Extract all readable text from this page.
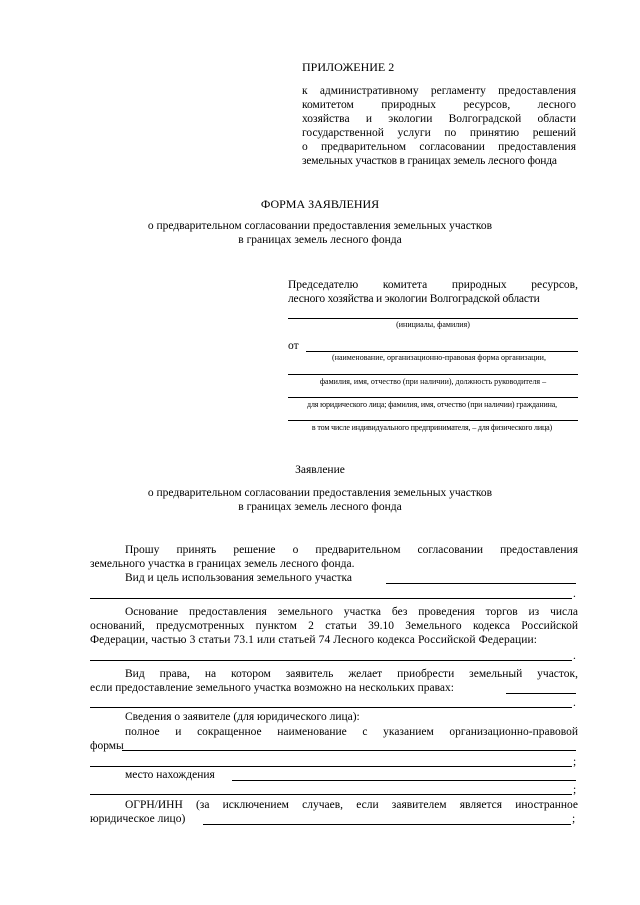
ПРИЛОЖЕНИЕ 2
к административному регламенту предоставления
комитетом природных ресурсов, лесного
хозяйства и экологии Волгоградской области
государственной услуги по принятию решений
о предварительном согласовании предоставления
земельных участков в границах земель лесного фонда
ФОРМА ЗАЯВЛЕНИЯ
о предварительном согласовании предоставления земельных участков
в границах земель лесного фонда
Председателю комитета природных ресурсов,
лесного хозяйства и экологии Волгоградской области
(инициалы, фамилия)
от
(наименование, организационно-правовая форма организации,
фамилия, имя, отчество (при наличии), должность руководителя –
для юридического лица; фамилия, имя, отчество (при наличии) гражданина,
в том числе индивидуального предпринимателя, – для физического лица)
Заявление
о предварительном согласовании предоставления земельных участков
в границах земель лесного фонда
Прошу принять решение о предварительном согласовании предоставления
земельного участка в границах земель лесного фонда.
Вид и цель использования земельного участка
.
Основание предоставления земельного участка без проведения торгов из числа
оснований, предусмотренных пунктом 2 статьи 39.10 Земельного кодекса Российской
Федерации, частью 3 статьи 73.1 или статьей 74 Лесного кодекса Российской Федерации:
.
Вид права, на котором заявитель желает приобрести земельный участок,
если предоставление земельного участка возможно на нескольких правах:
.
Сведения о заявителе (для юридического лица):
полное и сокращенное наименование с указанием организационно-правовой
формы
;
место нахождения
;
ОГРН/ИНН (за исключением случаев, если заявителем является иностранное
юридическое лицо)	;
